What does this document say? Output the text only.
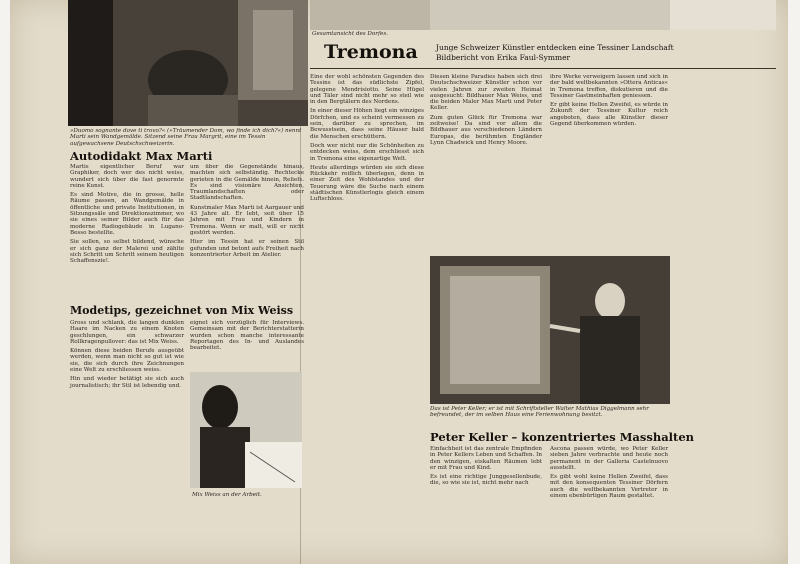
»Duomo sognante dove ti trovo?« (»Träumender Dom, wo finde ich dich?«) nennt Marti sein Wandgemälde. Sitzend seine Frau Margrit, eine im Tessin aufgewachsene Deutschschweizerin.
Gesamtansicht des Dorfes.
Tremona Junge Schweizer Künstler entdecken eine Tessiner Landschaft
Bildbericht von Erika Faul-Symmer
Autodidakt Max Marti

Martis eigentlicher Beruf war Graphiker, doch wer des nicht weiss, wundert sich über die fast genormte reine Kunst.

Es sind Motive, die in grosse, helle Räume passen, an Wandgemälde in öffentliche und private Institutionen, in Sitzungssäle und Direktionszimmer, wo sie eines seiner Bilder auch für das moderne Radiogebäude in Lugano-Besso bestellte.

Sie sollen, so selbst bildend, wünsche er sich ganz der Malerei und zählte sich Schritt um Schritt seinem heutigen Schaffenszie!.

um über die Gegenstände hinaus, machten sich selbständig. Rechtecke gerieten in die Gemälde hinein, Reliefs. Es sind visionäre Ansichten, Traumlandschaften oder Stadtlandschaften.

Kunstmaler Max Marti ist Aargauer und 43 Jahre alt. Er lebt, seit über 15 Jahren mit Frau und Kindern in Tremona. Wenn er malt, will er nicht gestört werden.

Hier im Tessin hat er seinen Stil gefunden und betont aufs Freiheit nach konzentrierter Arbeit im Atelier.

Modetips, gezeichnet von Mix Weiss

Gross und schlank, die langen dunklen Haare im Nacken zu einem Knoten geschlungen, ein schwarzer Rollkragenpullover: das ist Mix Weiss.

Können diese beiden Berufe ausgeübt werden, wenn man nicht so gut ist wie sie, die sich durch ihre Zeichnungen eine Welt zu erschliessen weiss.

Hin und wieder betätigt sie sich auch journalistisch; ihr Stil ist lebendig und.

eignet sich vorzüglich für Interviews. Gemeinsam mit der Berichterstatterin wurden schon manche interessante Reportagen des In- und Auslandes bearbeitet.

Mix Weiss an der Arbeit.

Eine der wohl schönsten Gegenden des Tessins ist das südlichste Zipfel, gelegene Mendrisiotto. Seine Hügel und Täler sind nicht mehr so steil wie in den Bergtälern des Nordens.

In einer dieser Höhen liegt ein winziges Dörfchen, und es scheint vermessen zu sein, darüber zu sprechen, im Bewusstsein, dass seine Häuser bald die Menschen erschüttern.

Doch wer nicht nur die Schönheiten zu entdecken weiss, dem erschliesst sich in Tremona eine eigenartige Welt.

Heute allerdings würden sie sich diese Rückkehr reiflich überlegen, denn in einer Zeit des Wohlstandes und der Teuerung wäre die Suche nach einem städtischen Künstlerlogis gleich einem Luftschloss.

Diesen kleine Paradies haben sich drei Deutschschweizer Künstler schon vor vielen Jahren zur zweiten Heimat ausgesucht: Bildhauer Max Weiss, und die beiden Maler Max Marti und Peter Keller.

Zum guten Glück für Tremona war zeitweise! Da sind vor allem die Bildhauer aus verschiedenen Ländern Europas, die berühmten Engländer Lynn Chadwick und Henry Moore.

ihre Werke verweigern lassen und sich in der bald weltbekannten »Ottera Anticas« in Tremona treffen, diskutieren und die Tessiner Gastmeinhaften geniessen.

Er gibt keine Hellen Zweifel, es würde in Zukunft der Tessiner Kultur reich angeboten, dass alle Künstler dieser Gegend überkommen würden.

Das ist Peter Keller; er ist mit Schriftsteller Walter Mathias Diggelmann sehr befreundet, der im selben Haus eine Ferienwohnung besitzt.
Peter Keller – konzentriertes Masshalten

Einfachheit ist das zentrale Empfinden in Peter Kellers Leben und Schaffen. In den winzigen, eiskalten Räumen lebt er mit Frau und Kind.

Es ist eine richtige Junggesellenbude, die, so wie sie ist, nicht mehr nach

Ascona passen würde, wo Peter Keller sieben Jahre verbrachte und heute noch permanent in der Galleria Castelnuovo ausstellt.

Es gibt wohl keine Hellen Zweifel, dass mit den konsequenten Tessiner Dörfern auch die weltbekannten Vertreter in einem ebenbürtigen Raum gestaltet.
